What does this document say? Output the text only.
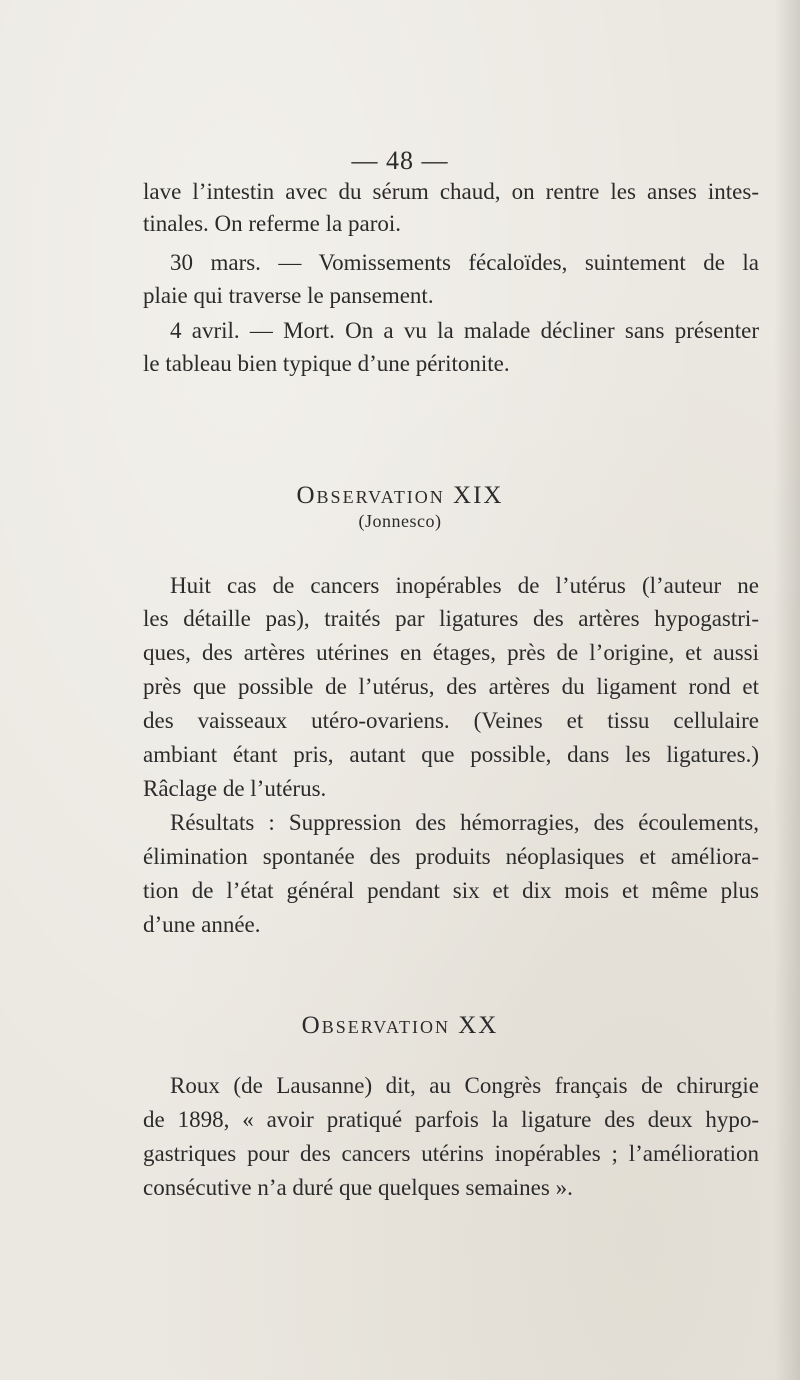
— 48 —
lave l’intestin avec du sérum chaud, on rentre les anses intes-
tinales. On referme la paroi.
30 mars. — Vomissements fécaloïdes, suintement de la
plaie qui traverse le pansement.
4 avril. — Mort. On a vu la malade décliner sans présenter
le tableau bien typique d’une péritonite.
Observation XIX
(Jonnesco)
Huit cas de cancers inopérables de l’utérus (l’auteur ne
les détaille pas), traités par ligatures des artères hypogastri-
ques, des artères utérines en étages, près de l’origine, et aussi
près que possible de l’utérus, des artères du ligament rond et
des vaisseaux utéro-ovariens. (Veines et tissu cellulaire
ambiant étant pris, autant que possible, dans les ligatures.)
Râclage de l’utérus.
Résultats : Suppression des hémorragies, des écoulements,
élimination spontanée des produits néoplasiques et améliora-
tion de l’état général pendant six et dix mois et même plus
d’une année.
Observation XX
Roux (de Lausanne) dit, au Congrès français de chirurgie
de 1898, « avoir pratiqué parfois la ligature des deux hypo-
gastriques pour des cancers utérins inopérables ; l’amélioration
consécutive n’a duré que quelques semaines ».
